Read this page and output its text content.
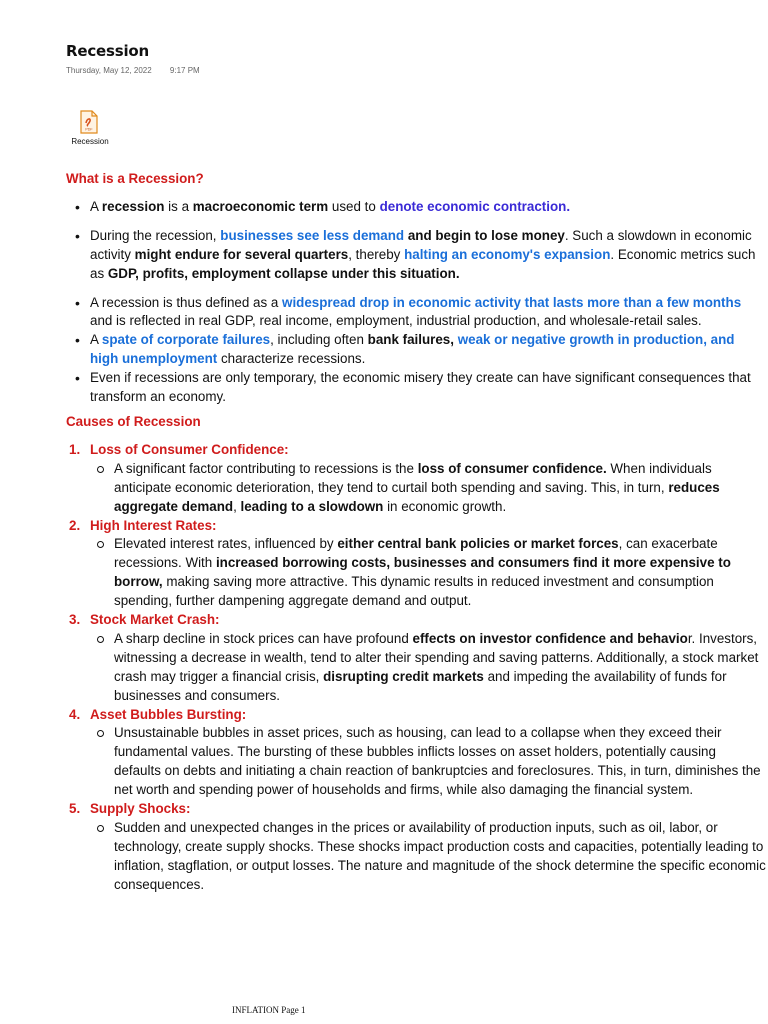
Recession
Thursday, May 12, 2022 9:17 PM
PDF
Recession
What is a Recession?
• A recession is a macroeconomic term used to denote economic contraction.
• During the recession, businesses see less demand and begin to lose money. Such a slowdown in economic activity might endure for several quarters, thereby halting an economy's expansion. Economic metrics such as GDP, profits, employment collapse under this situation.
• A recession is thus defined as a widespread drop in economic activity that lasts more than a few months and is reflected in real GDP, real income, employment, industrial production, and wholesale-retail sales.
• A spate of corporate failures, including often bank failures, weak or negative growth in production, and high unemployment characterize recessions.
• Even if recessions are only temporary, the economic misery they create can have significant consequences that transform an economy.
Causes of Recession
1. Loss of Consumer Confidence:
A significant factor contributing to recessions is the loss of consumer confidence. When individuals anticipate economic deterioration, they tend to curtail both spending and saving. This, in turn, reduces aggregate demand, leading to a slowdown in economic growth.
2. High Interest Rates:
Elevated interest rates, influenced by either central bank policies or market forces, can exacerbate recessions. With increased borrowing costs, businesses and consumers find it more expensive to borrow, making saving more attractive. This dynamic results in reduced investment and consumption spending, further dampening aggregate demand and output.
3. Stock Market Crash:
A sharp decline in stock prices can have profound effects on investor confidence and behavior. Investors, witnessing a decrease in wealth, tend to alter their spending and saving patterns. Additionally, a stock market crash may trigger a financial crisis, disrupting credit markets and impeding the availability of funds for businesses and consumers.
4. Asset Bubbles Bursting:
Unsustainable bubbles in asset prices, such as housing, can lead to a collapse when they exceed their fundamental values. The bursting of these bubbles inflicts losses on asset holders, potentially causing defaults on debts and initiating a chain reaction of bankruptcies and foreclosures. This, in turn, diminishes the net worth and spending power of households and firms, while also damaging the financial system.
5. Supply Shocks:
Sudden and unexpected changes in the prices or availability of production inputs, such as oil, labor, or technology, create supply shocks. These shocks impact production costs and capacities, potentially leading to inflation, stagflation, or output losses. The nature and magnitude of the shock determine the specific economic consequences.
INFLATION Page 1
